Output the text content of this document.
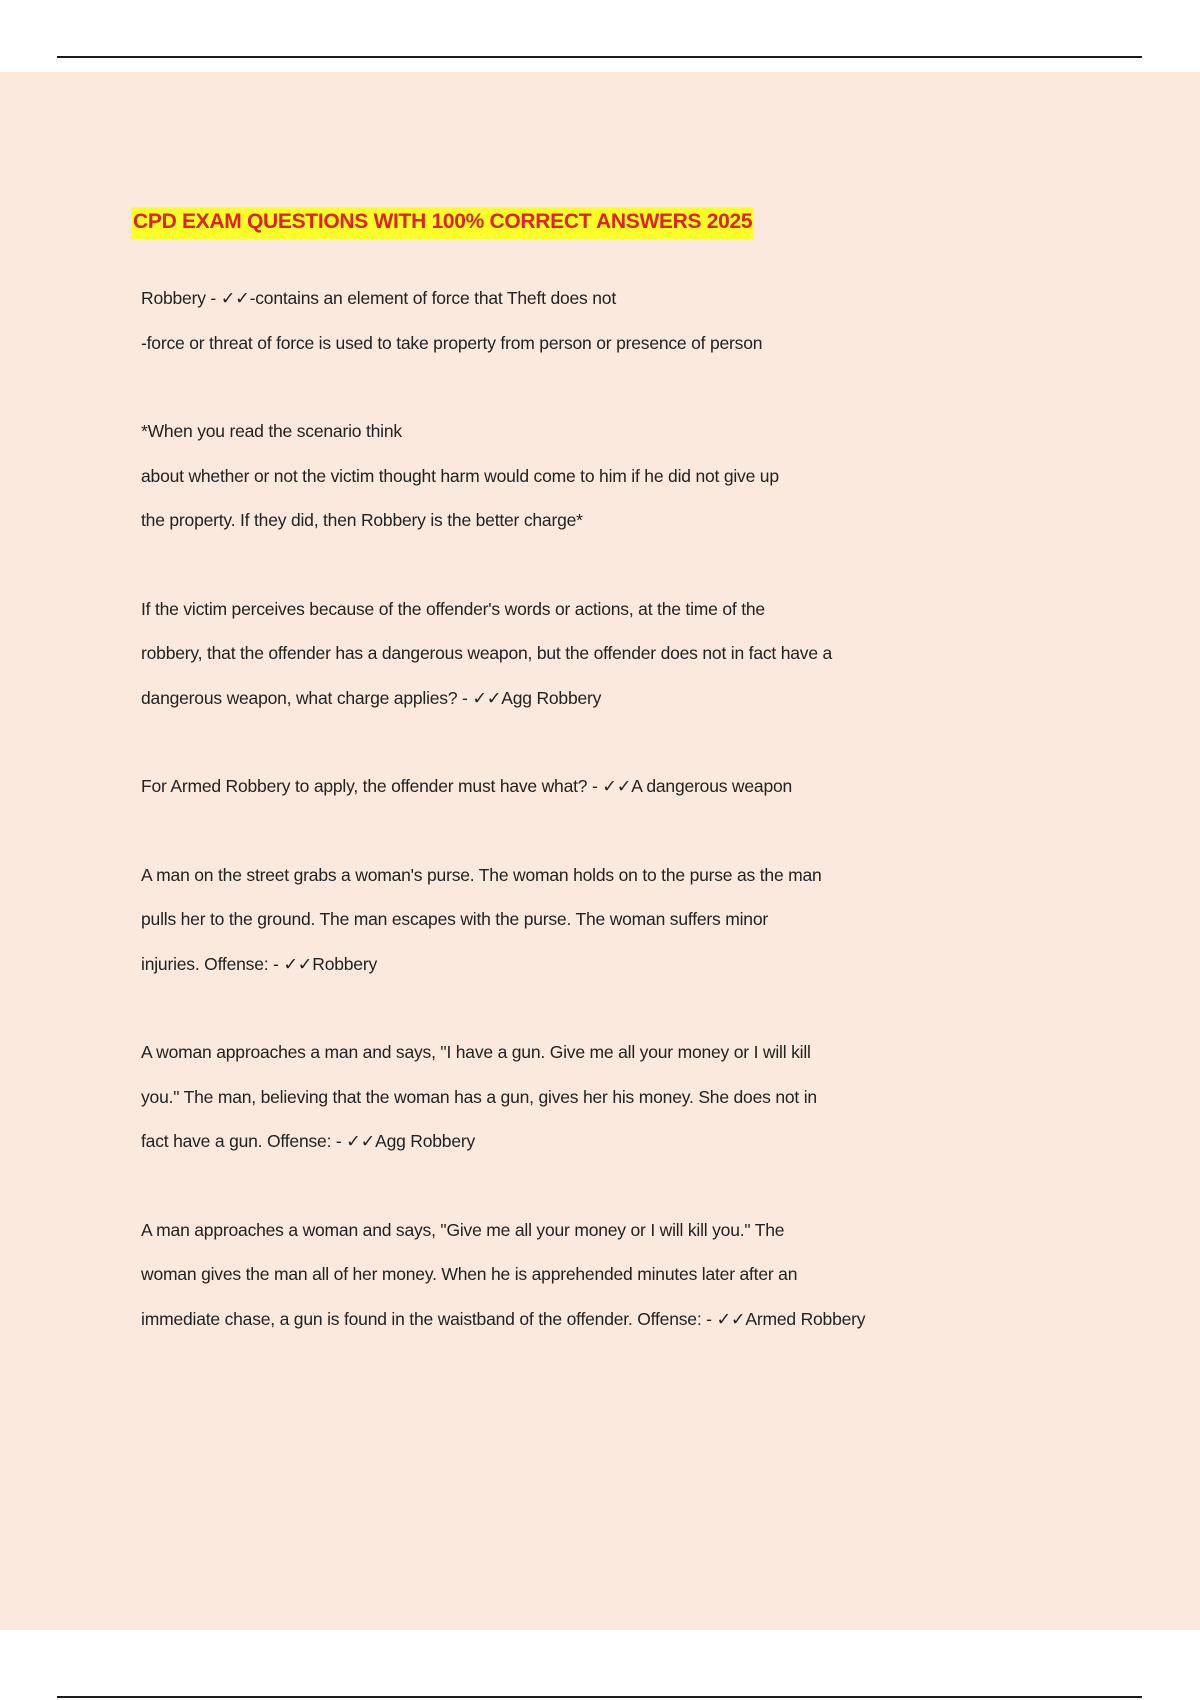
CPD EXAM QUESTIONS WITH 100% CORRECT ANSWERS 2025
Robbery - ✓✓-contains an element of force that Theft does not
-force or threat of force is used to take property from person or presence of person
*When you read the scenario think
about whether or not the victim thought harm would come to him if he did not give up
the property. If they did, then Robbery is the better charge*
If the victim perceives because of the offender's words or actions, at the time of the
robbery, that the offender has a dangerous weapon, but the offender does not in fact have a
dangerous weapon, what charge applies? - ✓✓Agg Robbery
For Armed Robbery to apply, the offender must have what? - ✓✓A dangerous weapon
A man on the street grabs a woman's purse. The woman holds on to the purse as the man
pulls her to the ground. The man escapes with the purse. The woman suffers minor
injuries. Offense: - ✓✓Robbery
A woman approaches a man and says, "I have a gun. Give me all your money or I will kill
you." The man, believing that the woman has a gun, gives her his money. She does not in
fact have a gun. Offense: - ✓✓Agg Robbery
A man approaches a woman and says, "Give me all your money or I will kill you." The
woman gives the man all of her money. When he is apprehended minutes later after an
immediate chase, a gun is found in the waistband of the offender. Offense: - ✓✓Armed Robbery
